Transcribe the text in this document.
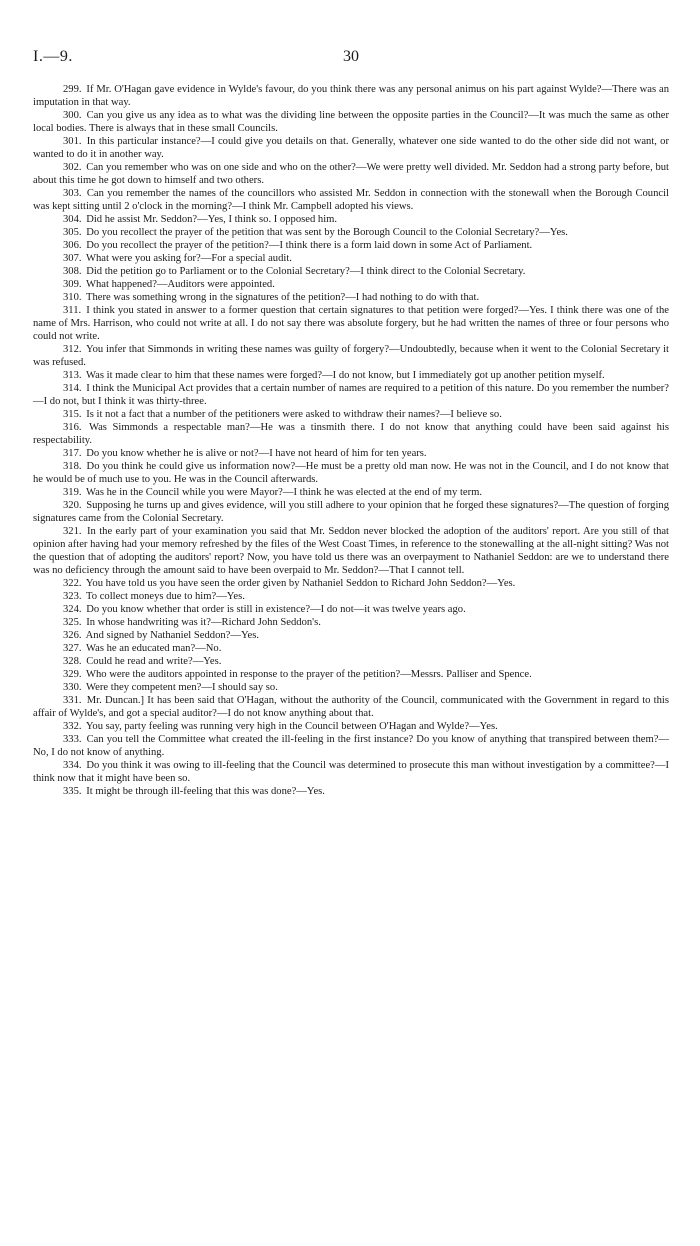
I.—9.	30

299. If Mr. O'Hagan gave evidence in Wylde's favour, do you think there was any personal animus on his part against Wylde?—There was an imputation in that way.

300. Can you give us any idea as to what was the dividing line between the opposite parties in the Council?—It was much the same as other local bodies. There is always that in these small Councils.

301. In this particular instance?—I could give you details on that. Generally, whatever one side wanted to do the other side did not want, or wanted to do it in another way.

302. Can you remember who was on one side and who on the other?—We were pretty well divided. Mr. Seddon had a strong party before, but about this time he got down to himself and two others.

303. Can you remember the names of the councillors who assisted Mr. Seddon in connection with the stonewall when the Borough Council was kept sitting until 2 o'clock in the morning?—I think Mr. Campbell adopted his views.

304. Did he assist Mr. Seddon?—Yes, I think so. I opposed him.

305. Do you recollect the prayer of the petition that was sent by the Borough Council to the Colonial Secretary?—Yes.

306. Do you recollect the prayer of the petition?—I think there is a form laid down in some Act of Parliament.

307. What were you asking for?—For a special audit.

308. Did the petition go to Parliament or to the Colonial Secretary?—I think direct to the Colonial Secretary.

309. What happened?—Auditors were appointed.

310. There was something wrong in the signatures of the petition?—I had nothing to do with that.

311. I think you stated in answer to a former question that certain signatures to that petition were forged?—Yes. I think there was one of the name of Mrs. Harrison, who could not write at all. I do not say there was absolute forgery, but he had written the names of three or four persons who could not write.

312. You infer that Simmonds in writing these names was guilty of forgery?—Undoubtedly, because when it went to the Colonial Secretary it was refused.

313. Was it made clear to him that these names were forged?—I do not know, but I immediately got up another petition myself.

314. I think the Municipal Act provides that a certain number of names are required to a petition of this nature. Do you remember the number?—I do not, but I think it was thirty-three.

315. Is it not a fact that a number of the petitioners were asked to withdraw their names?—I believe so.

316. Was Simmonds a respectable man?—He was a tinsmith there. I do not know that anything could have been said against his respectability.

317. Do you know whether he is alive or not?—I have not heard of him for ten years.

318. Do you think he could give us information now?—He must be a pretty old man now. He was not in the Council, and I do not know that he would be of much use to you. He was in the Council afterwards.

319. Was he in the Council while you were Mayor?—I think he was elected at the end of my term.

320. Supposing he turns up and gives evidence, will you still adhere to your opinion that he forged these signatures?—The question of forging signatures came from the Colonial Secretary.

321. In the early part of your examination you said that Mr. Seddon never blocked the adoption of the auditors' report. Are you still of that opinion after having had your memory refreshed by the files of the West Coast Times, in reference to the stonewalling at the all-night sitting? Was not the question that of adopting the auditors' report? Now, you have told us there was an overpayment to Nathaniel Seddon: are we to understand there was no deficiency through the amount said to have been overpaid to Mr. Seddon?—That I cannot tell.

322. You have told us you have seen the order given by Nathaniel Seddon to Richard John Seddon?—Yes.

323. To collect moneys due to him?—Yes.

324. Do you know whether that order is still in existence?—I do not—it was twelve years ago.

325. In whose handwriting was it?—Richard John Seddon's.

326. And signed by Nathaniel Seddon?—Yes.

327. Was he an educated man?—No.

328. Could he read and write?—Yes.

329. Who were the auditors appointed in response to the prayer of the petition?—Messrs. Palliser and Spence.

330. Were they competent men?—I should say so.

331. Mr. Duncan.] It has been said that O'Hagan, without the authority of the Council, communicated with the Government in regard to this affair of Wylde's, and got a special auditor?—I do not know anything about that.

332. You say, party feeling was running very high in the Council between O'Hagan and Wylde?—Yes.

333. Can you tell the Committee what created the ill-feeling in the first instance? Do you know of anything that transpired between them?—No, I do not know of anything.

334. Do you think it was owing to ill-feeling that the Council was determined to prosecute this man without investigation by a committee?—I think now that it might have been so.

335. It might be through ill-feeling that this was done?—Yes.
